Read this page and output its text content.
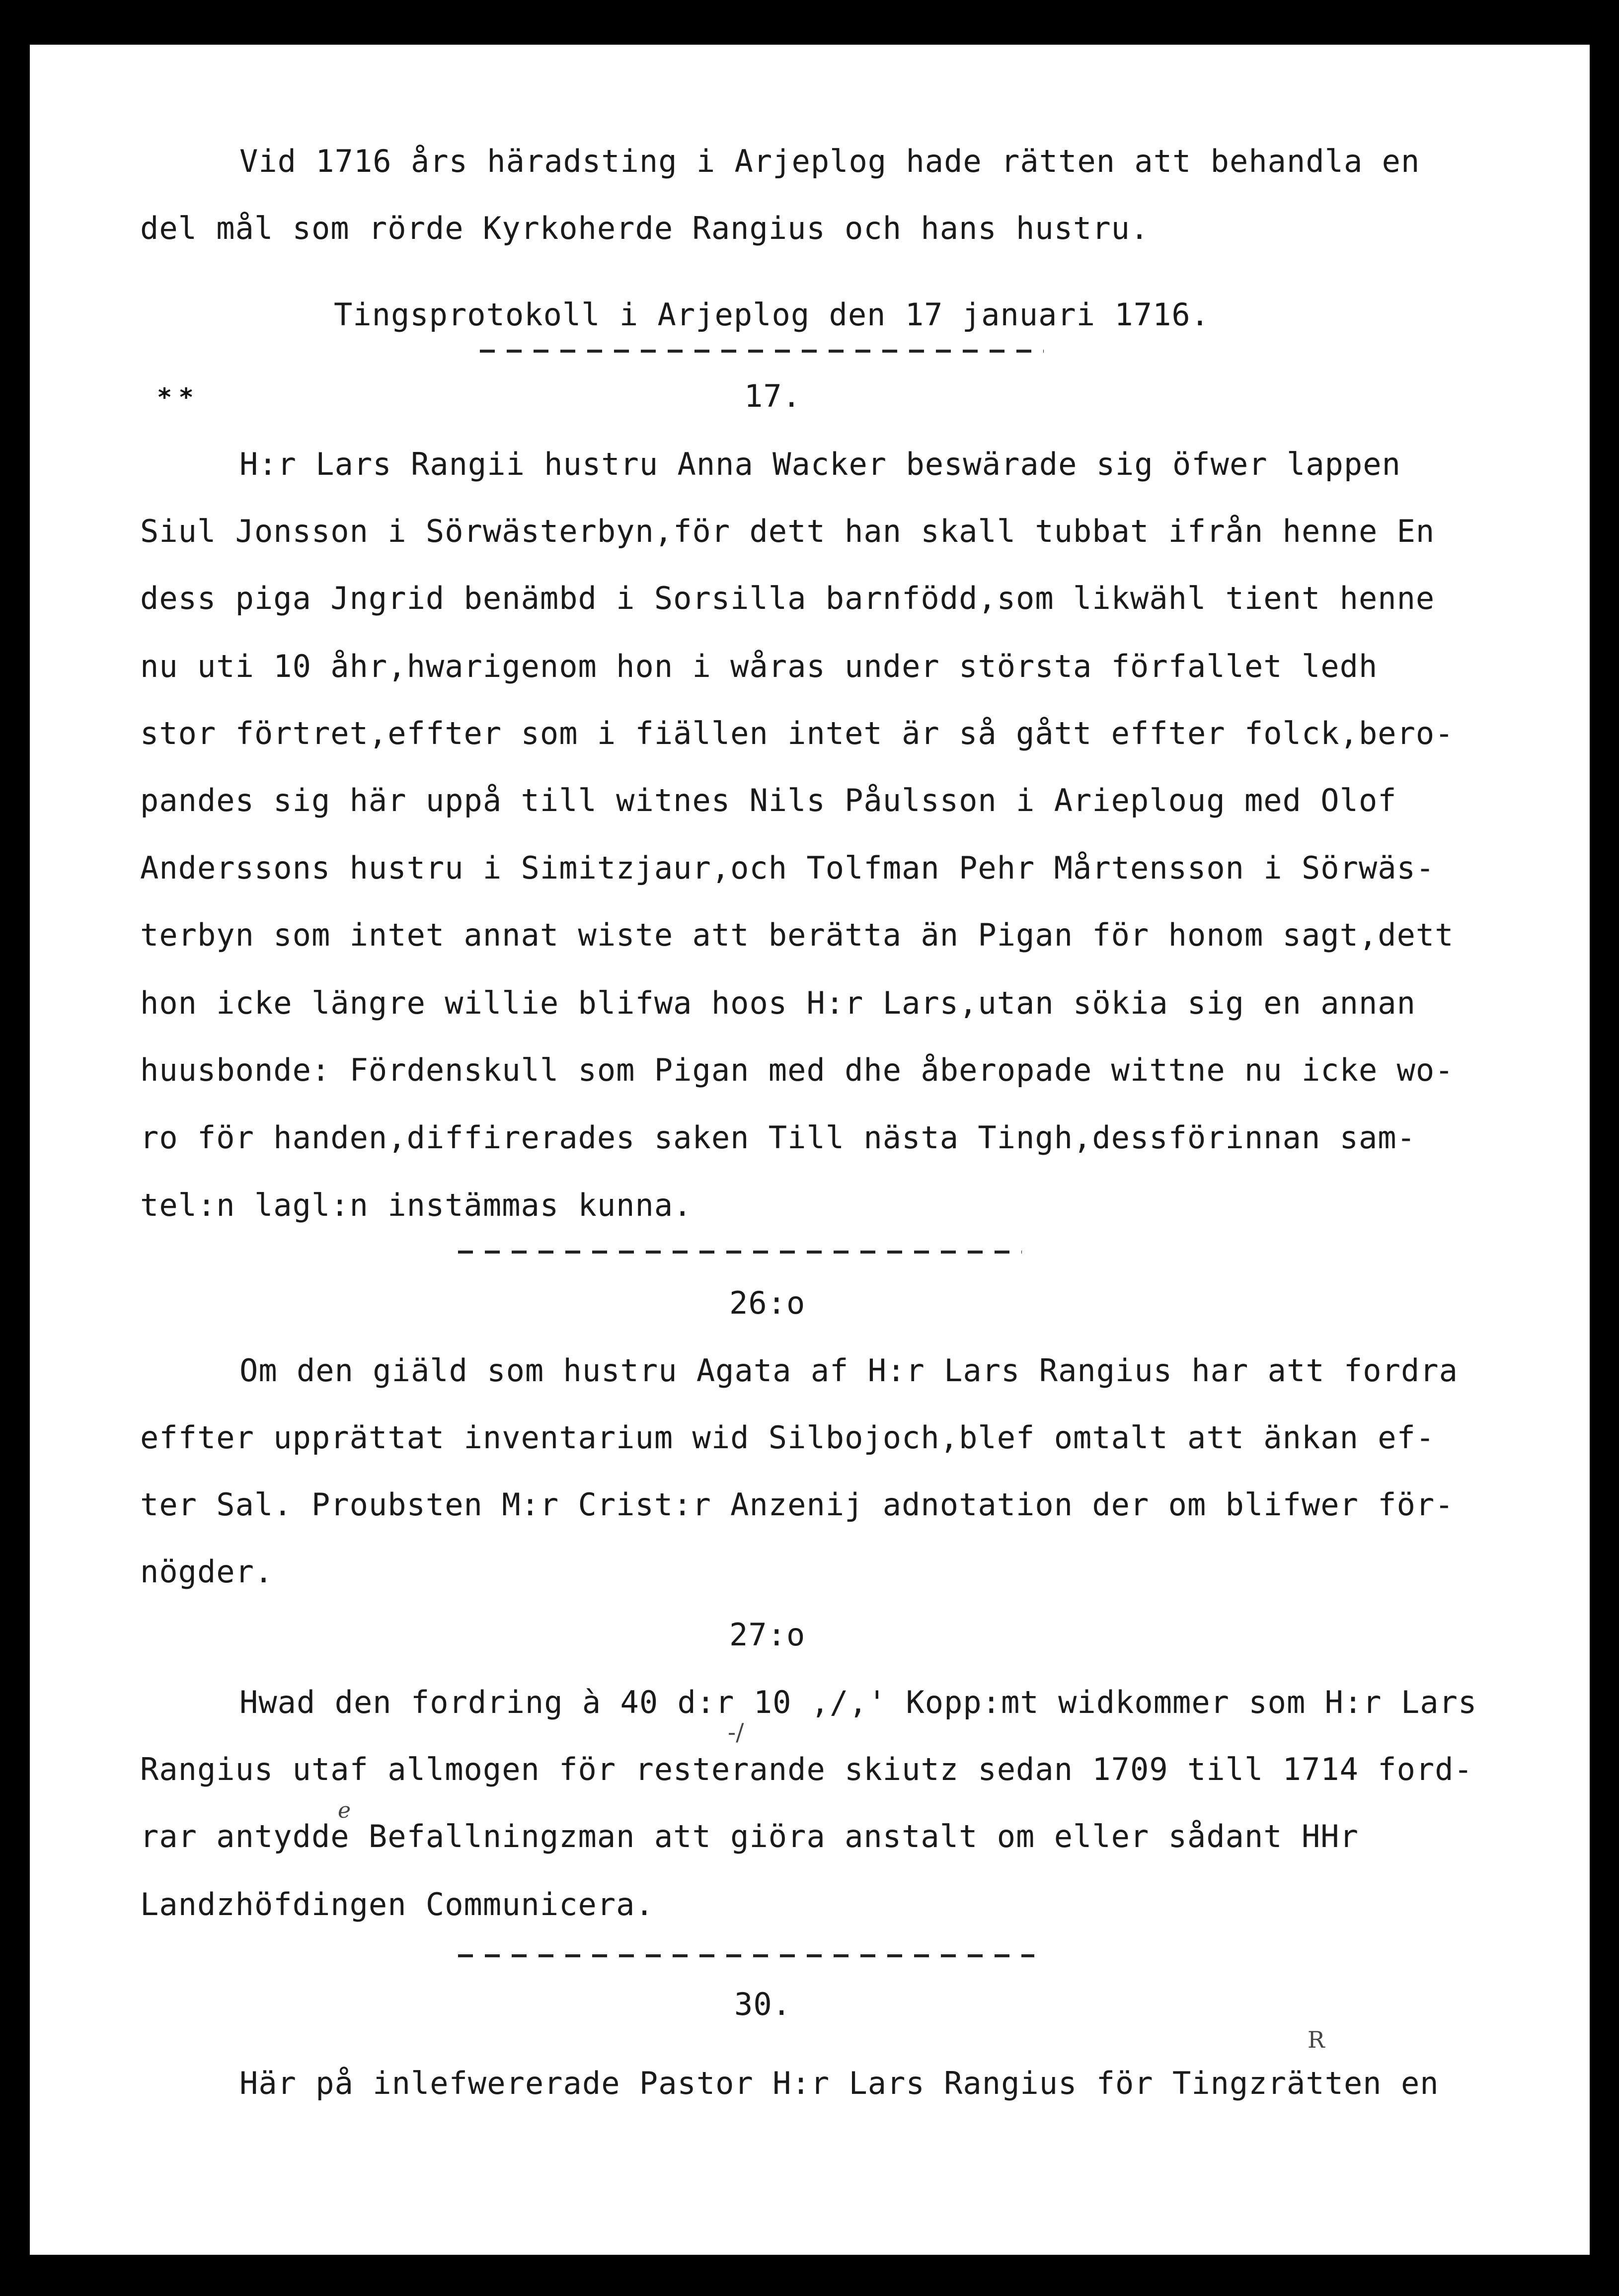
Vid 1716 års häradsting i Arjeplog hade rätten att behandla en
del mål som rörde Kyrkoherde Rangius och hans hustru.
Tingsprotokoll i Arjeplog den 17 januari 1716.
* *	17.
H:r Lars Rangii hustru Anna Wacker beswärade sig öfwer lappen
Siul Jonsson i Sörwästerbyn,för dett han skall tubbat ifrån henne En
dess piga Jngrid benämbd i Sorsilla barnfödd,som likwähl tient henne
nu uti 10 åhr,hwarigenom hon i wåras under största förfallet ledh
stor förtret,effter som i fiällen intet är så gått effter folck,bero-
pandes sig här uppå till witnes Nils Påulsson i Arieploug med Olof
Anderssons hustru i Simitzjaur,och Tolfman Pehr Mårtensson i Sörwäs-
terbyn som intet annat wiste att berätta än Pigan för honom sagt,dett
hon icke längre willie blifwa hoos H:r Lars,utan sökia sig en annan
huusbonde: Fördenskull som Pigan med dhe åberopade wittne nu icke wo-
ro för handen,diffirerades saken Till nästa Tingh,dessförinnan sam-
tel:n lagl:n instämmas kunna.
26:o
Om den giäld som hustru Agata af H:r Lars Rangius har att fordra
effter upprättat inventarium wid Silbojoch,blef omtalt att änkan ef-
ter Sal. Proubsten M:r Crist:r Anzenij adnotation der om blifwer för-
nögder.
27:o
Hwad den fordring à 40 d:r 10 ,/,' Kopp:mt widkommer som H:r Lars
-/
Rangius utaf allmogen för resterande skiutz sedan 1709 till 1714 ford-
e
rar antydde Befallningzman att giöra anstalt om eller sådant HHr
Landzhöfdingen Communicera.
30.
R
Här på inlefwererade Pastor H:r Lars Rangius för Tingzrätten en
